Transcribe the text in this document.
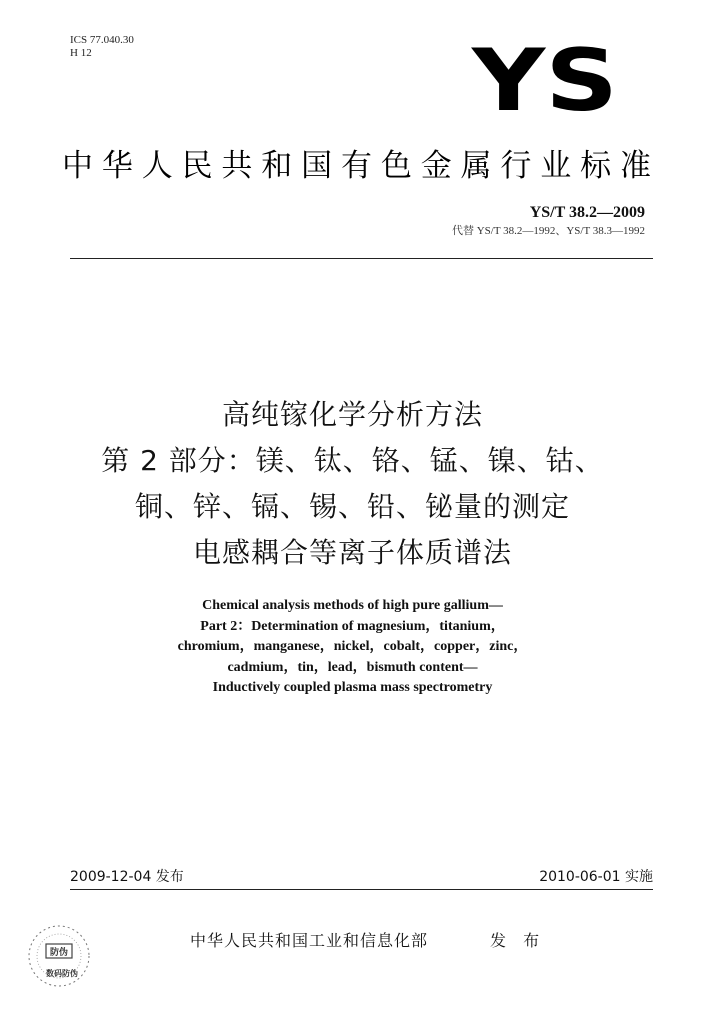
ICS 77.040.30
H 12	YS
中华人民共和国有色金属行业标准
YS/T 38.2—2009
代替 YS/T 38.2—1992、YS/T 38.3—1992
高纯镓化学分析方法
第 2 部分：镁、钛、铬、锰、镍、钴、
铜、锌、镉、锡、铅、铋量的测定
电感耦合等离子体质谱法
Chemical analysis methods of high pure gallium—
Part 2：Determination of magnesium，titanium，
chromium，manganese，nickel，cobalt，copper，zinc，
cadmium，tin，lead，bismuth content—
Inductively coupled plasma mass spectrometry
2009-12-04 发布	2010-06-01 实施
防伪
数码防伪
中华人民共和国工业和信息化部	发 布
